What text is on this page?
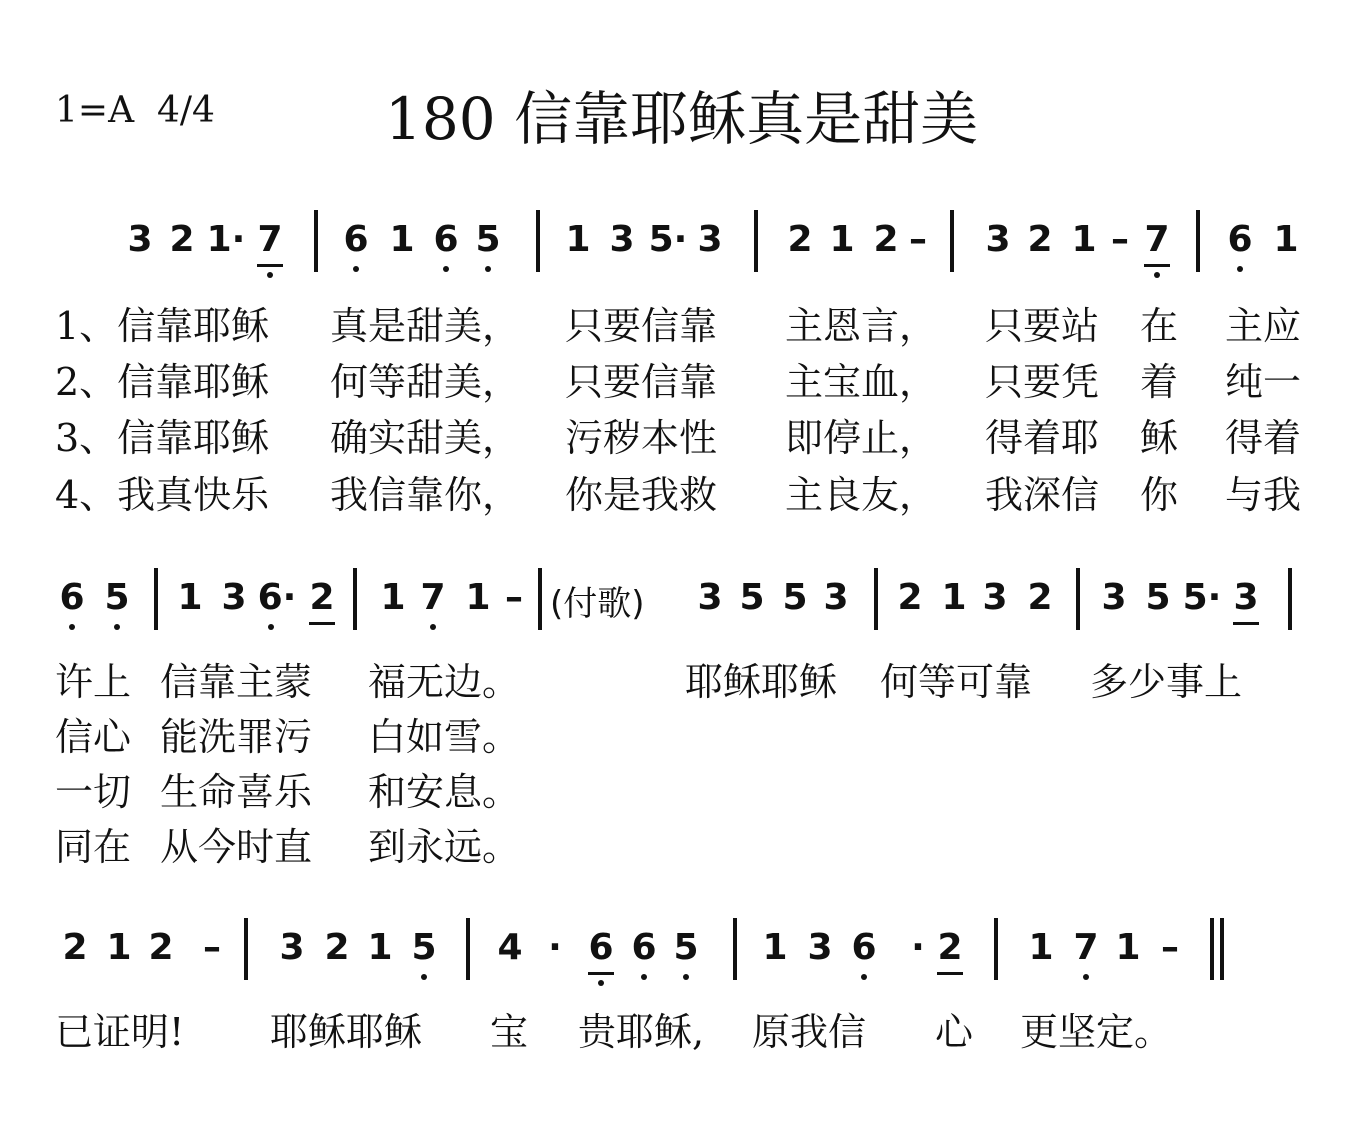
1=A  4/4	180 信靠耶稣真是甜美
3 2 1· 7 6 1 6 5 1 3 5· 3 2 1 2 – 3 2 1 – 7 6 1
1、信靠耶稣 真是甜美， 只要信靠 主恩言， 只要站 在 主应
2、信靠耶稣 何等甜美， 只要信靠 主宝血， 只要凭 着 纯一
3、信靠耶稣 确实甜美， 污秽本性 即停止， 得着耶 稣 得着
4、我真快乐 我信靠你， 你是我救 主良友， 我深信 你 与我
6 5 1 3 6· 2 1 7 1 – (付歌) 3 5 5 3 2 1 3 2 3 5 5· 3
许上 信靠主蒙 福无边。	耶稣耶稣 何等可靠 多少事上
信心 能洗罪污 白如雪。
一切 生命喜乐 和安息。
同在 从今时直 到永远。
2 1 2 – 3 2 1 5 4 · 6 6 5 1 3 6 · 2 1 7 1 –
已证明! 耶稣耶稣 宝 贵耶稣, 原我信 心 更坚定。
